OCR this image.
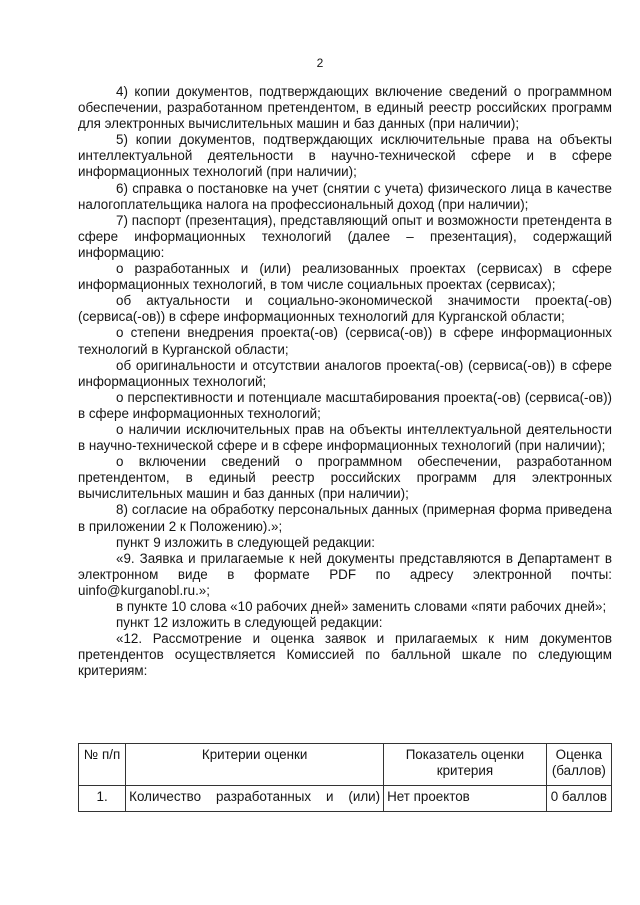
2

4) копии документов, подтверждающих включение сведений о программном обеспечении, разработанном претендентом, в единый реестр российских программ для электронных вычислительных машин и баз данных (при наличии);

5) копии документов, подтверждающих исключительные права на объекты интеллектуальной деятельности в научно-технической сфере и в сфере информационных технологий (при наличии);

6) справка о постановке на учет (снятии с учета) физического лица в качестве налогоплательщика налога на профессиональный доход (при наличии);

7) паспорт (презентация), представляющий опыт и возможности претендента в сфере информационных технологий (далее – презентация), содержащий информацию:

о разработанных и (или) реализованных проектах (сервисах) в сфере информационных технологий, в том числе социальных проектах (сервисах);

об актуальности и социально-экономической значимости проекта(-ов) (сервиса(-ов)) в сфере информационных технологий для Курганской области;

о степени внедрения проекта(-ов) (сервиса(-ов)) в сфере информационных технологий в Курганской области;

об оригинальности и отсутствии аналогов проекта(-ов) (сервиса(-ов)) в сфере информационных технологий;

о перспективности и потенциале масштабирования проекта(-ов) (сервиса(-ов)) в сфере информационных технологий;

о наличии исключительных прав на объекты интеллектуальной деятельности в научно-технической сфере и в сфере информационных технологий (при наличии);

о включении сведений о программном обеспечении, разработанном претендентом, в единый реестр российских программ для электронных вычислительных машин и баз данных (при наличии);

8) согласие на обработку персональных данных (примерная форма приведена в приложении 2 к Положению).»;

пункт 9 изложить в следующей редакции:

«9. Заявка и прилагаемые к ней документы представляются в Департамент в электронном виде в формате PDF по адресу электронной почты: uinfo@kurganobl.ru.»;

в пункте 10 слова «10 рабочих дней» заменить словами «пяти рабочих дней»;

пункт 12 изложить в следующей редакции:

«12. Рассмотрение и оценка заявок и прилагаемых к ним документов претендентов осуществляется Комиссией по балльной шкале по следующим критериям:

№ п/п	Критерии оценки	Показатель оценки критерия	Оценка (баллов)
1.	Количество разработанных и (или)	Нет проектов	0 баллов
